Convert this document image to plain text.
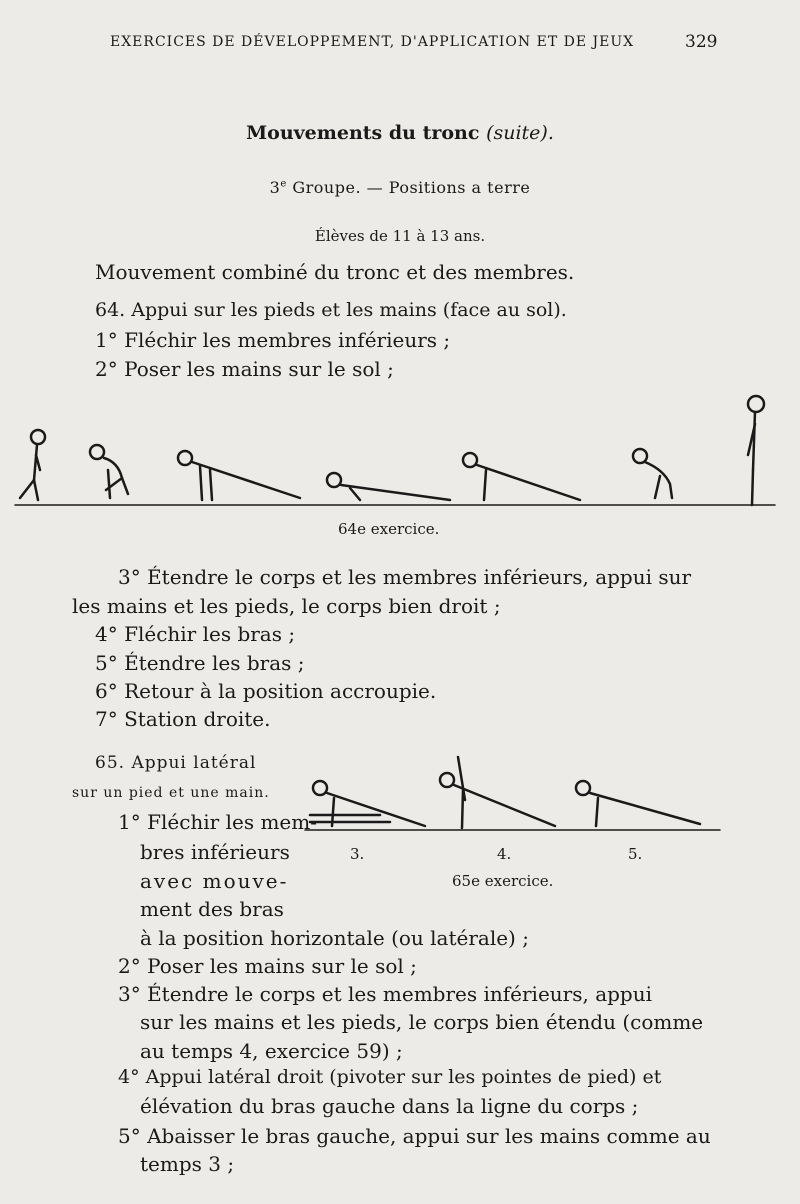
EXERCICES DE DÉVELOPPEMENT, D'APPLICATION ET DE JEUX	329
Mouvements du tronc (suite).
3e Groupe. — Positions a terre
Élèves de 11 à 13 ans.
Mouvement combiné du tronc et des membres.
64. Appui sur les pieds et les mains (face au sol).
1° Fléchir les membres inférieurs ;
2° Poser les mains sur le sol ;
64e exercice.
3° Étendre le corps et les membres inférieurs, appui sur
les mains et les pieds, le corps bien droit ;
4° Fléchir les bras ;
5° Étendre les bras ;
6° Retour à la position accroupie.
7° Station droite.
65. Appui latéral
sur un pied et une main.
1° Fléchir les mem-
bres inférieurs
avec mouve-
ment des bras
à la position horizontale (ou latérale) ;
3.	4.	5.
65e exercice.
2° Poser les mains sur le sol ;
3° Étendre le corps et les membres inférieurs, appui
sur les mains et les pieds, le corps bien étendu (comme
au temps 4, exercice 59) ;
4° Appui latéral droit (pivoter sur les pointes de pied) et
élévation du bras gauche dans la ligne du corps ;
5° Abaisser le bras gauche, appui sur les mains comme au
temps 3 ;
